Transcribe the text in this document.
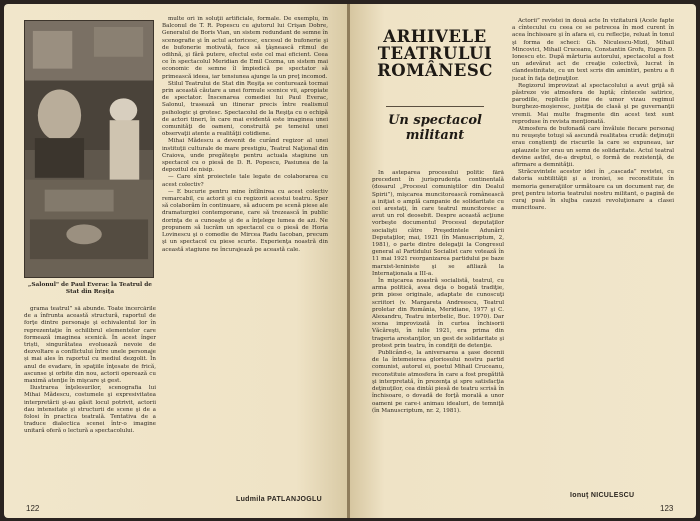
„Salonul" de Paul Everac la Teatrul de Stat din Reşiţa

multe ori în soluţii artificiale, formale. De exemplu, în Balconul de T. R. Popescu cu ajutorul lui Crişan Dobre, Generalul de Boris Vian, un sistem redundant de semne în scenografie şi în actul actoricesc, excesul de bufonerie şi de bufonerie motivată, face să ţâşnească ritmul de odihnă, şi fără putere, efectul este cel mai eficient. Ceea ce în spectacolul Meridian de Emil Cozma, un sistem mai economic de semne îl împiedică pe spectator să primească ideea, iar tensiunea ajunge la un preţ incomod.

Stilul Teatrului de Stat din Reşiţa se conturează tocmai prin această căutare a unei formule scenice vii, apropiate de spectator. Înscenarea comediei lui Paul Everac, Salonul, trasează un itinerar precis între realismul psihologic şi grotesc. Spectacolul de la Reşiţa cu o echipă de actori tineri, în care mai evidentă este imaginea unei comunităţi de oameni, construită pe temeiul unei observaţii atente a realităţii cotidiene.

Mihai Mădescu a devenit de curând regizor al unei instituţii culturale de mare prestigiu, Teatrul Naţional din Craiova, unde pregăteşte pentru actuala stagiune un spectacol cu o piesă de D. R. Popescu, Pasiunea de la depozitul de nisip.

— Care sînt proiectele tale legate de colaborarea cu acest colectiv?

— E bucurie pentru mine întîlnirea cu acest colectiv remarcabil, cu actorii şi cu regizorii acestui teatru. Sper să colaborăm în continuare, să aducem pe scenă piese ale dramaturgiei contemporane, care să trezească în public dorinţa de a cunoaşte şi de a înţelege lumea de azi. Ne propunem să lucrăm un spectacol cu o piesă de Horia Lovinescu şi o comedie de Mircea Radu Iacoban, precum şi un spectacol cu piese scurte. Experienţa noastră din această stagiune ne încurajează pe această cale.

grama teatrul” să abunde. Toate încercările de a înfrunta această structură, raportul de forţe dintre personaje şi echivalentul lor în reprezentaţie în echilibrul elementelor care formează imaginea scenică. În acest înger triști, singurătatea evoluează nevoie de dezvoltare a conflictului între unele personaje și mai ales în raportul cu mediul dezgolit. În anul de evadare, în spaţiile înţesate de frică, ascunse şi orbite din nou, actorii operează cu maximă atenţie în mişcare şi gest.

Ilustrarea înţelesurilor, scenografia lui Mihai Mădescu, costumele şi expresivitatea interpretării şi-au găsit locul potrivit, actorii dau intensitate şi structurii de scene şi de a folosi în practica teatrală. Tentativa de a traduce dialectica scenei într-o imagine unitară oferă o lectură a spectacolului.

Ludmila PATLANJOGLU
122
ARHIVELE TEATRULUI ROMÂNESC
Un spectacol militant

În asteparea procesului politic fără precedent în jurisprudența continentală (dosarul „Procesul comuniştilor din Dealul Spirii”), mişcarea muncitorească românească a iniţiat o amplă campanie de solidaritate cu cei arestaţi, în care teatrul muncitoresc a avut un rol deosebit. Despre această acţiune vorbeşte documentul Procesul deputaţilor socialişti către Preşedintele Adunării Deputaţilor, mai, 1921 (în Manuscriptum, 2, 1981), o parte dintre delegaţii la Congresul general al Partidului Socialist care votează în 11 mai 1921 reorganizarea partidului pe baze marxist-leniniste şi se afiliază la Internaţionala a III-a.

În mişcarea noastră socialistă, teatrul, cu arma politică, avea deja o bogată tradiţie, prin piese originale, adaptate de cunoscuţi scriitori (v. Margareta Andreescu, Teatrul proletar din România, Meridiane, 1977 şi C. Alexandru, Teatru interbelic, Buc. 1970). Dar scena improvizată în curtea închisorii Văcăreşti, în iulie 1921, era prima din trageria arestanţilor, un gest de solidaritate şi protest prin teatru, în condiţii de detenţie.

Publicând-o, la aniversarea a şase decenii de la întemeierea gloriosului nostru partid comunist, autorul ei, poetul Mihail Cruceanu, reconstituie atmosfera în care a fost pregătită şi interpretată, în prezenţa şi spre satisfacţia deţinuţilor, cea dintâi piesă de teatru scrisă în închisoare, o dovadă de forţă morală a unor oameni pe care-i animau idealuri, de temniţă (în Manuscriptum, nr. 2, 1981).

Actorii” revistei în două acte În vizitatură (Acele fapte a cîntecului cu ceea ce se petrecea în mod curent în acea închisoare şi în afara ei, cu reflecţie, reluat în tonul şi forma de scheci: Gh. Niculescu-Mizil, Mihail Mincovici, Mihail Cruceanu, Constantin Grofu, Eugen D. Ionescu etc. După mărturia autorului, spectacolul a fost un adevărat act de creaţie colectivă, lucrat în clandestinitate, cu un text scris din amintiri, pentru a fi jucat în faţa deţinuţilor.

Regizorul improvizat al spectacolului a avut grijă să păstreze vie atmosfera de luptă; cîntecele satirice, parodiile, replicile pline de umor vizau regimul burghezo-moşieresc, justiţia de clasă şi pe guvernanţii vremii. Mai multe fragmente din acest text sunt reproduse în revista menţionată.

Atmosfera de bufonadă care învăluie fiecare personaj nu reuşeşte totuşi să ascundă realitatea crudă: deţinuţii erau conştienţi de riscurile la care se expuneau, iar aplauzele lor erau un semn de solidaritate. Actul teatral devine astfel, de-a dreptul, o formă de rezistenţă, de afirmare a demnităţii.

Străcuvintele acestor idei în „cascada” revistei, cu datoria subtilităţii şi a ironiei, se reconstituie în memoria generaţiilor următoare ca un document rar, de preţ pentru istoria teatrului nostru militant, o pagină de curaj pusă în slujba cauzei revoluţionare a clasei muncitoare.

Ionuţ NICULESCU
123
